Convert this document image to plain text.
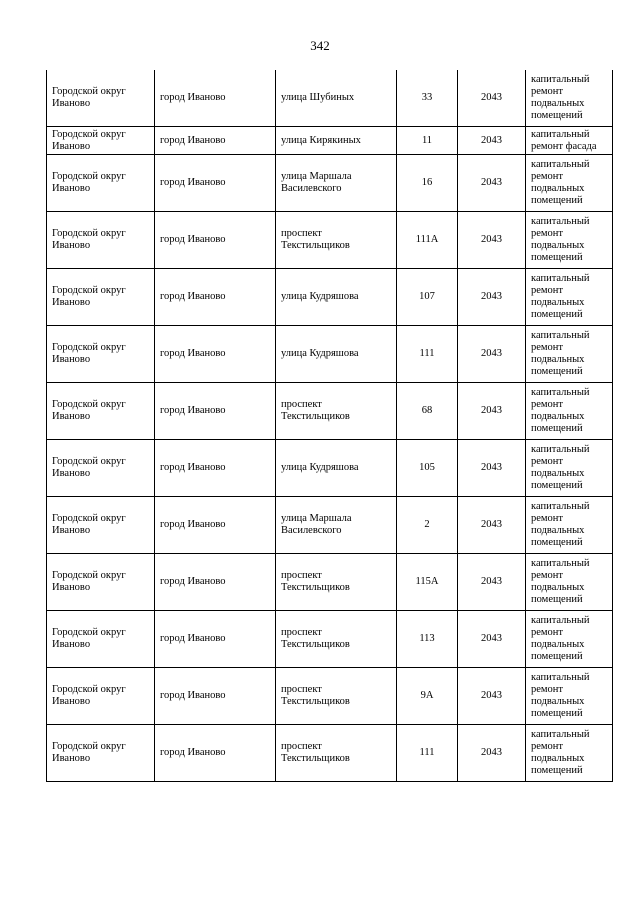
342
Городской округ Иваново	город Иваново	улица Шубиных	33	2043	капитальный ремонт подвальных помещений
Городской округ Иваново	город Иваново	улица Кирякиных	11	2043	капитальный ремонт фасада
Городской округ Иваново	город Иваново	улица Маршала Василевского	16	2043	капитальный ремонт подвальных помещений
Городской округ Иваново	город Иваново	проспект Текстильщиков	111А	2043	капитальный ремонт подвальных помещений
Городской округ Иваново	город Иваново	улица Кудряшова	107	2043	капитальный ремонт подвальных помещений
Городской округ Иваново	город Иваново	улица Кудряшова	111	2043	капитальный ремонт подвальных помещений
Городской округ Иваново	город Иваново	проспект Текстильщиков	68	2043	капитальный ремонт подвальных помещений
Городской округ Иваново	город Иваново	улица Кудряшова	105	2043	капитальный ремонт подвальных помещений
Городской округ Иваново	город Иваново	улица Маршала Василевского	2	2043	капитальный ремонт подвальных помещений
Городской округ Иваново	город Иваново	проспект Текстильщиков	115А	2043	капитальный ремонт подвальных помещений
Городской округ Иваново	город Иваново	проспект Текстильщиков	113	2043	капитальный ремонт подвальных помещений
Городской округ Иваново	город Иваново	проспект Текстильщиков	9А	2043	капитальный ремонт подвальных помещений
Городской округ Иваново	город Иваново	проспект Текстильщиков	111	2043	капитальный ремонт подвальных помещений
